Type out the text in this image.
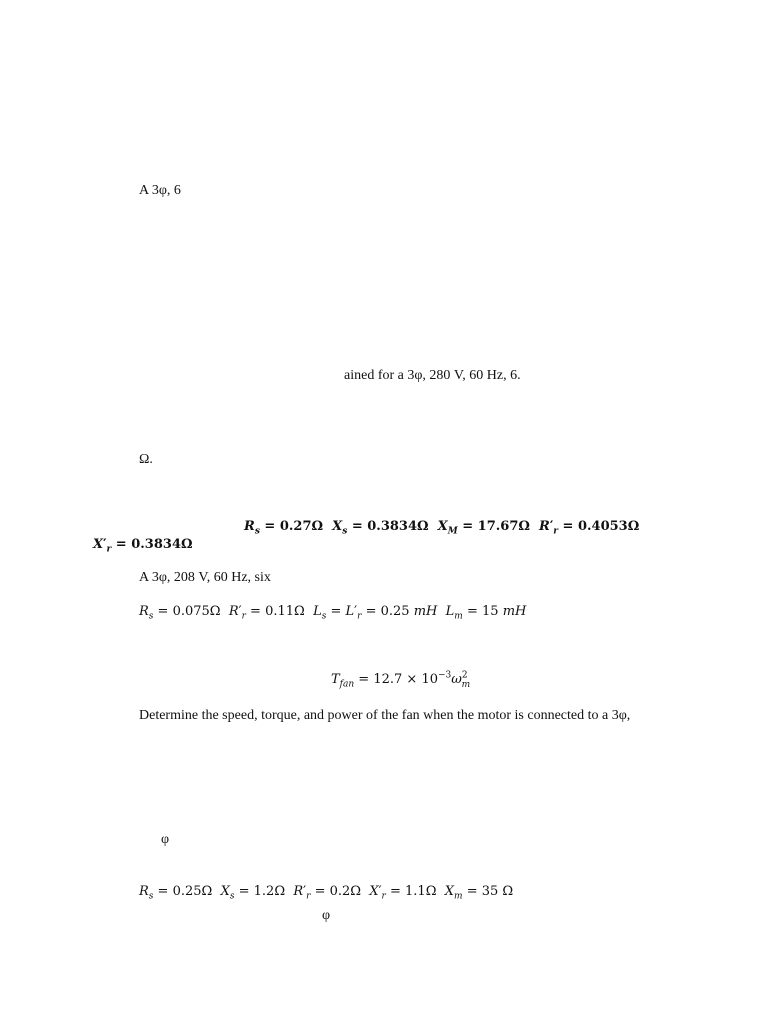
A 3φ, 6
ained for a 3φ, 280 V, 60 Hz, 6.
Ω.
$R_s = 0.27\Omega$ $X_s = 0.3834\Omega$ $X_M = 17.67\Omega$ $R'_r = 0.4053\Omega$
$X'_r = 0.3834\Omega$
A 3φ, 208 V, 60 Hz, six
$R_s = 0.075\Omega$ $R'_r = 0.11\Omega$ $L_s = L'_r = 0.25$ mH $L_m = 15$ mH
$T_{fan} = 12.7 \times 10^{-3}\omega^2_m$
Determine the speed, torque, and power of the fan when the motor is connected to a 3φ,
φ
$R_s = 0.25\Omega$ $X_s = 1.2\Omega$ $R'_r = 0.2\Omega$ $X'_r = 1.1\Omega$ $X_m = 35$ Ω
φ
